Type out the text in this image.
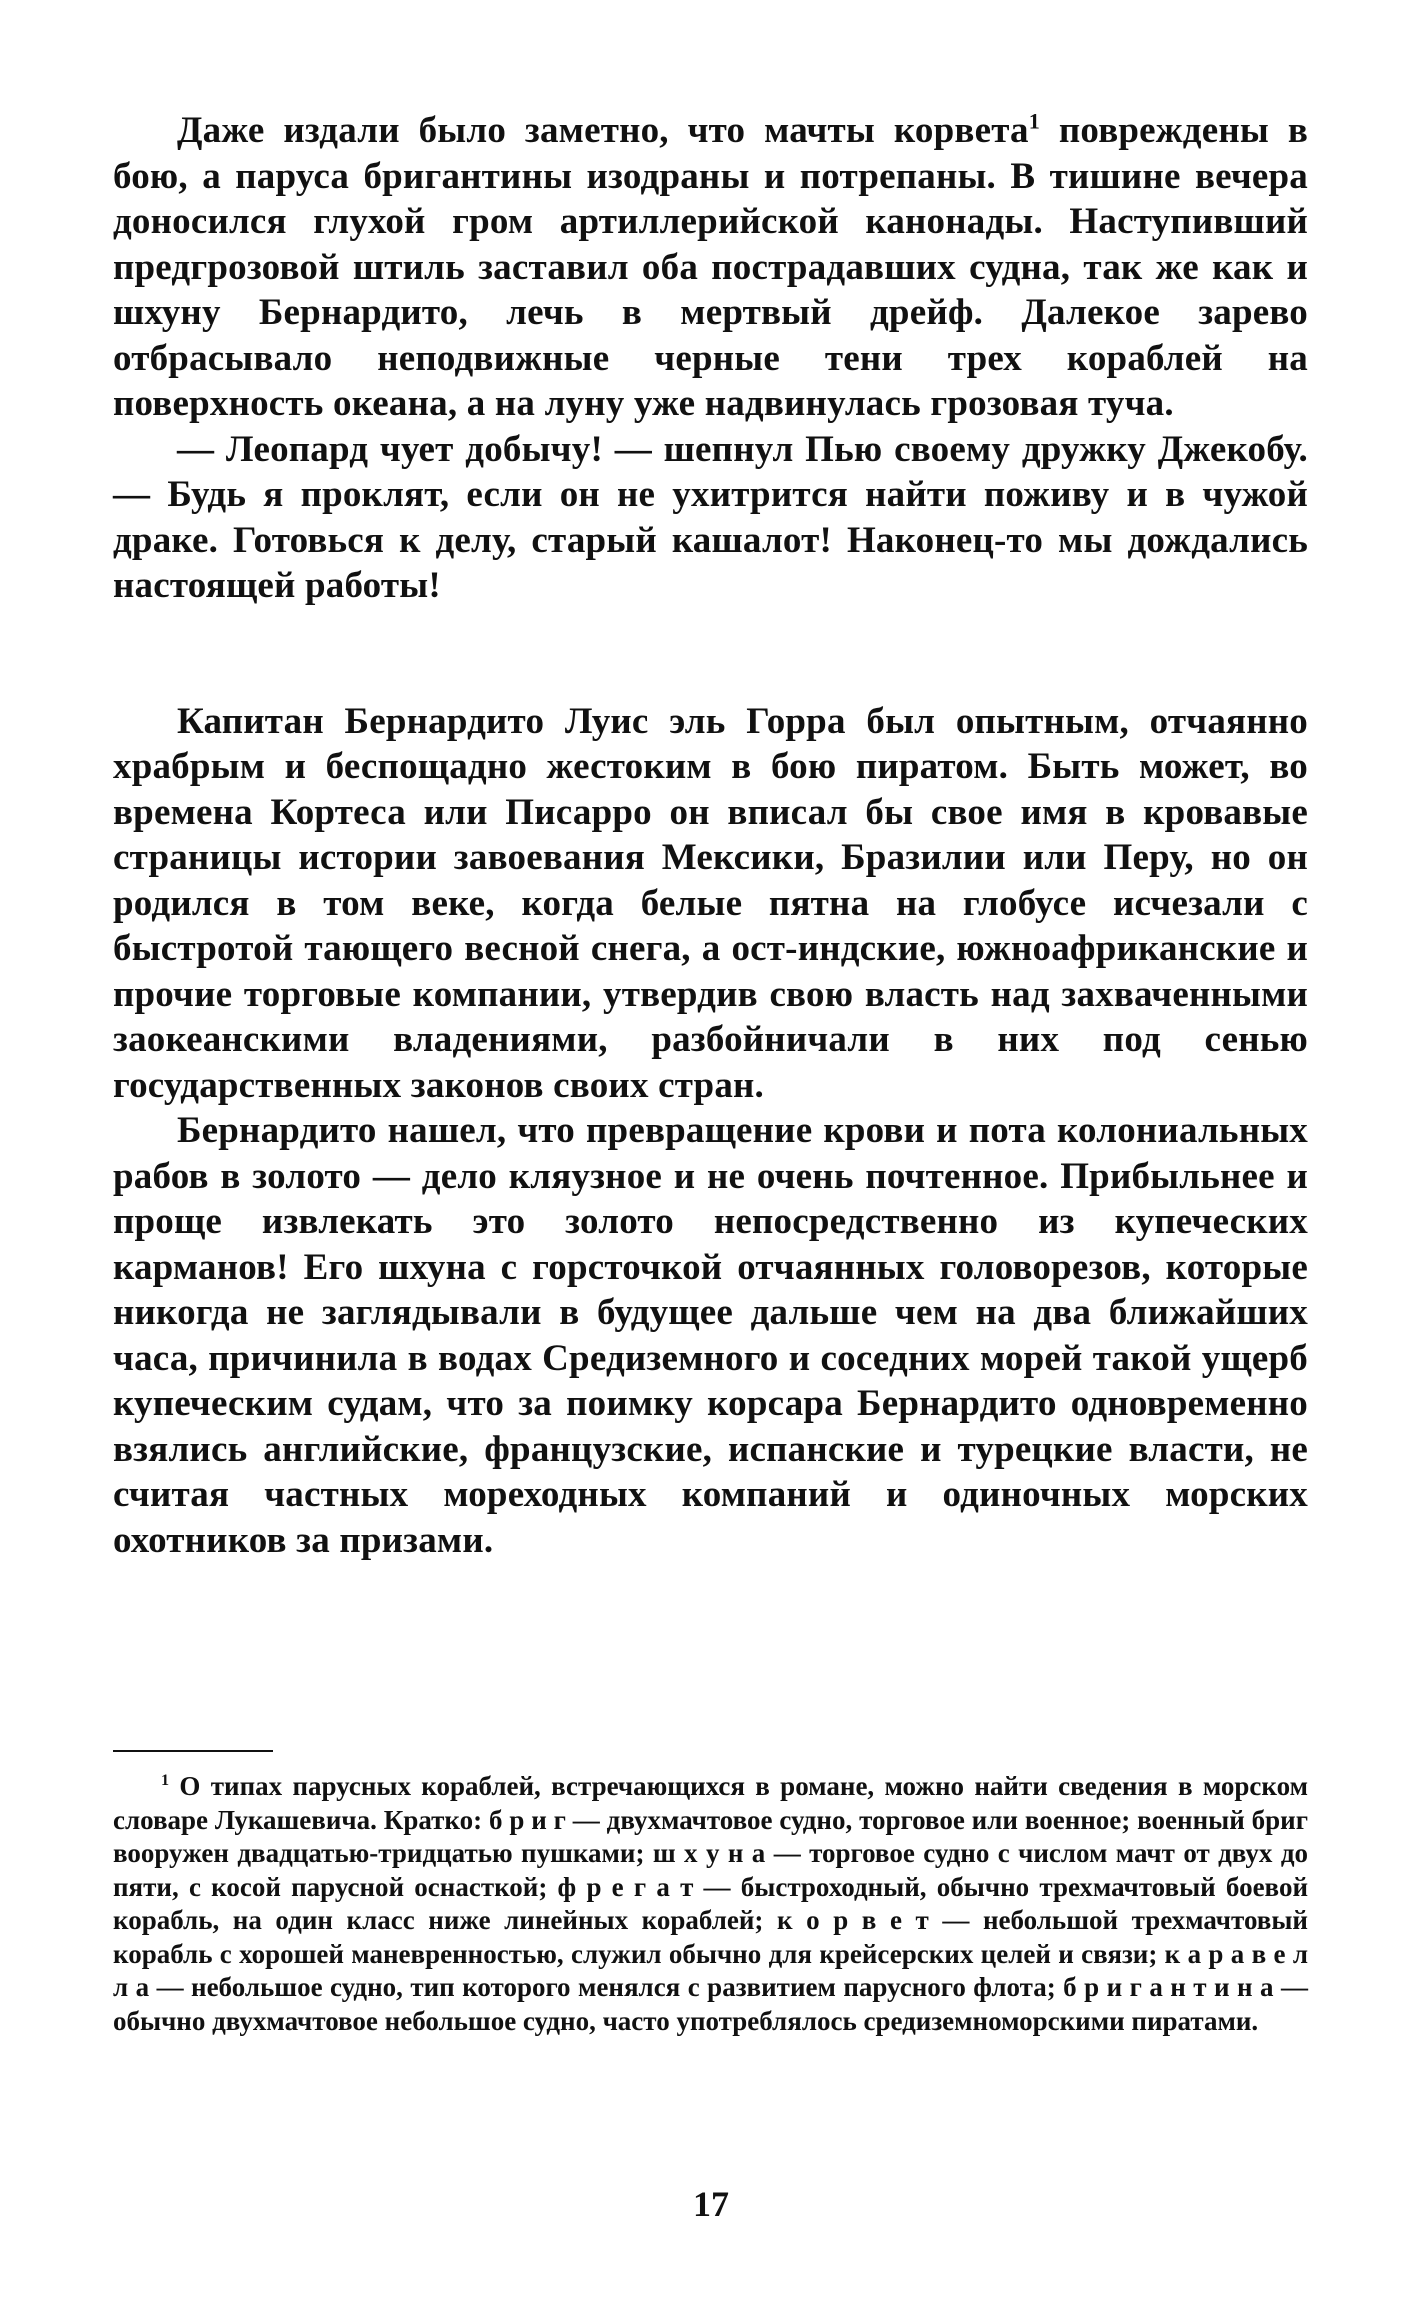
Даже издали было заметно, что мачты корвета$^1$ повреждены в бою, а паруса бригантины изодраны и потрепаны. В тишине вечера доносился глухой гром артиллерийской канонады. Наступивший предгрозовой штиль заставил оба пострадавших судна, так же как и шхуну Бернардито, лечь в мертвый дрейф. Далекое зарево отбрасывало неподвижные черные тени трех кораблей на поверхность океана, а на луну уже надвинулась грозовая туча.

— Леопард чует добычу! — шепнул Пью своему дружку Джекобу. — Будь я проклят, если он не ухитрится найти поживу и в чужой драке. Готовься к делу, старый кашалот! Наконец-то мы дождались настоящей работы!

Капитан Бернардито Луис эль Горра был опытным, отчаянно храбрым и беспощадно жестоким в бою пиратом. Быть может, во времена Кортеса или Писарро он вписал бы свое имя в кровавые страницы истории завоевания Мексики, Бразилии или Перу, но он родился в том веке, когда белые пятна на глобусе исчезали с быстротой тающего весной снега, а ост-индские, южноафриканские и прочие торговые компании, утвердив свою власть над захваченными заокеанскими владениями, разбойничали в них под сенью государственных законов своих стран.

Бернардито нашел, что превращение крови и пота колониальных рабов в золото — дело кляузное и не очень почтенное. Прибыльнее и проще извлекать это золото непосредственно из купеческих карманов! Его шхуна с горсточкой отчаянных головорезов, которые никогда не заглядывали в будущее дальше чем на два ближайших часа, причинила в водах Средиземного и соседних морей такой ущерб купеческим судам, что за поимку корсара Бернардито одновременно взялись английские, французские, испанские и турецкие власти, не считая частных мореходных компаний и одиночных морских охотников за призами.

$^1$ О типах парусных кораблей, встречающихся в романе, можно найти сведения в морском словаре Лукашевича. Кратко: б р и г — двухмачтовое судно, торговое или военное; военный бриг вооружен двадцатью-тридцатью пушками; ш х у н а — торговое судно с числом мачт от двух до пяти, с косой парусной оснасткой; ф р е г а т — быстроходный, обычно трехмачтовый боевой корабль, на один класс ниже линейных кораблей; к о р в е т — небольшой трехмачтовый корабль с хорошей маневренностью, служил обычно для крейсерских целей и связи; к а р а в е л л а — небольшое судно, тип которого менялся с развитием парусного флота; б р и г а н т и н а — обычно двухмачтовое небольшое судно, часто употреблялось средиземноморскими пиратами.

17
